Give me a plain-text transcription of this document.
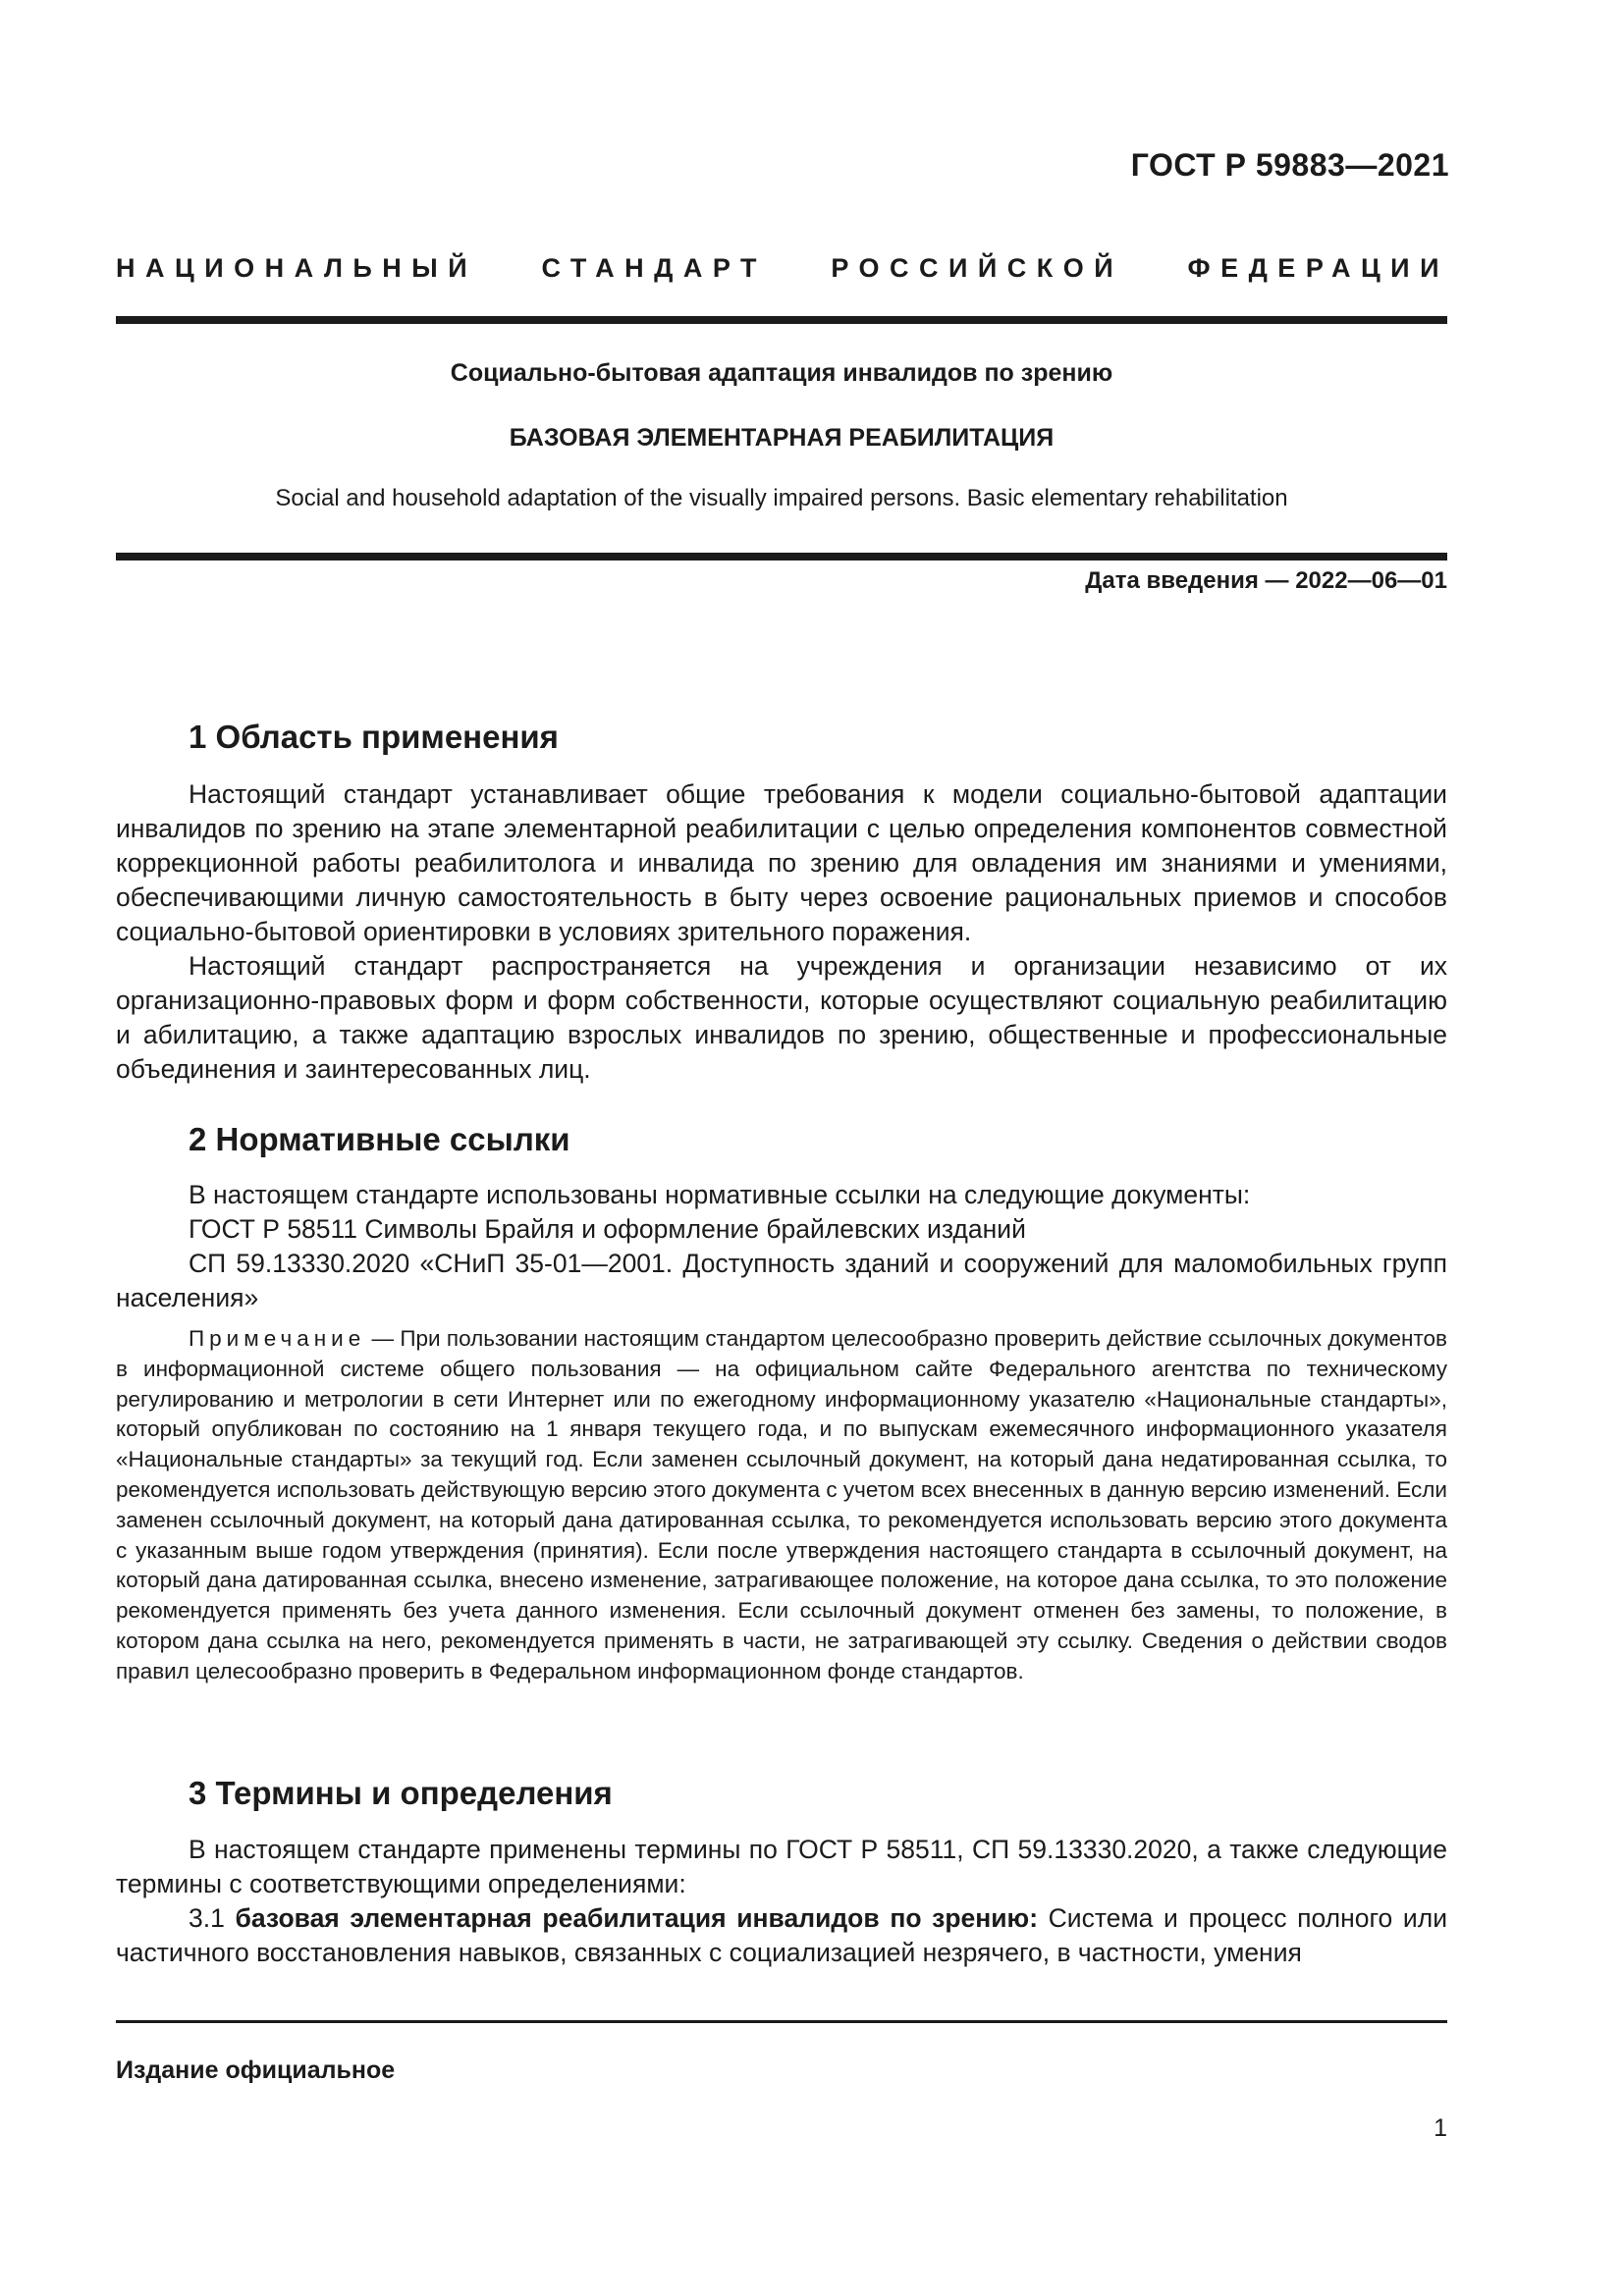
ГОСТ Р 59883—2021
НАЦИОНАЛЬНЫЙ СТАНДАРТ РОССИЙСКОЙ ФЕДЕРАЦИИ
Социально-бытовая адаптация инвалидов по зрению
БАЗОВАЯ ЭЛЕМЕНТАРНАЯ РЕАБИЛИТАЦИЯ
Social and household adaptation of the visually impaired persons. Basic elementary rehabilitation
Дата введения — 2022—06—01
1 Область применения

Настоящий стандарт устанавливает общие требования к модели социально-бытовой адаптации инвалидов по зрению на этапе элементарной реабилитации с целью определения компонентов совместной коррекционной работы реабилитолога и инвалида по зрению для овладения им знаниями и умениями, обеспечивающими личную самостоятельность в быту через освоение рациональных приемов и способов социально-бытовой ориентировки в условиях зрительного поражения.

Настоящий стандарт распространяется на учреждения и организации независимо от их организационно-правовых форм и форм собственности, которые осуществляют социальную реабилитацию и абилитацию, а также адаптацию взрослых инвалидов по зрению, общественные и профессиональные объединения и заинтересованных лиц.

2 Нормативные ссылки

В настоящем стандарте использованы нормативные ссылки на следующие документы:

ГОСТ Р 58511 Символы Брайля и оформление брайлевских изданий

СП 59.13330.2020 «СНиП 35-01—2001. Доступность зданий и сооружений для маломобильных групп населения»

Примечание — При пользовании настоящим стандартом целесообразно проверить действие ссылочных документов в информационной системе общего пользования — на официальном сайте Федерального агентства по техническому регулированию и метрологии в сети Интернет или по ежегодному информационному указателю «Национальные стандарты», который опубликован по состоянию на 1 января текущего года, и по выпускам ежемесячного информационного указателя «Национальные стандарты» за текущий год. Если заменен ссылочный документ, на который дана недатированная ссылка, то рекомендуется использовать действующую версию этого документа с учетом всех внесенных в данную версию изменений. Если заменен ссылочный документ, на который дана датированная ссылка, то рекомендуется использовать версию этого документа с указанным выше годом утверждения (принятия). Если после утверждения настоящего стандарта в ссылочный документ, на который дана датированная ссылка, внесено изменение, затрагивающее положение, на которое дана ссылка, то это положение рекомендуется применять без учета данного изменения. Если ссылочный документ отменен без замены, то положение, в котором дана ссылка на него, рекомендуется применять в части, не затрагивающей эту ссылку. Сведения о действии сводов правил целесообразно проверить в Федеральном информационном фонде стандартов.

3 Термины и определения

В настоящем стандарте применены термины по ГОСТ Р 58511, СП 59.13330.2020, а также следующие термины с соответствующими определениями:

3.1 базовая элементарная реабилитация инвалидов по зрению: Система и процесс полного или частичного восстановления навыков, связанных с социализацией незрячего, в частности, умения

Издание официальное
1
